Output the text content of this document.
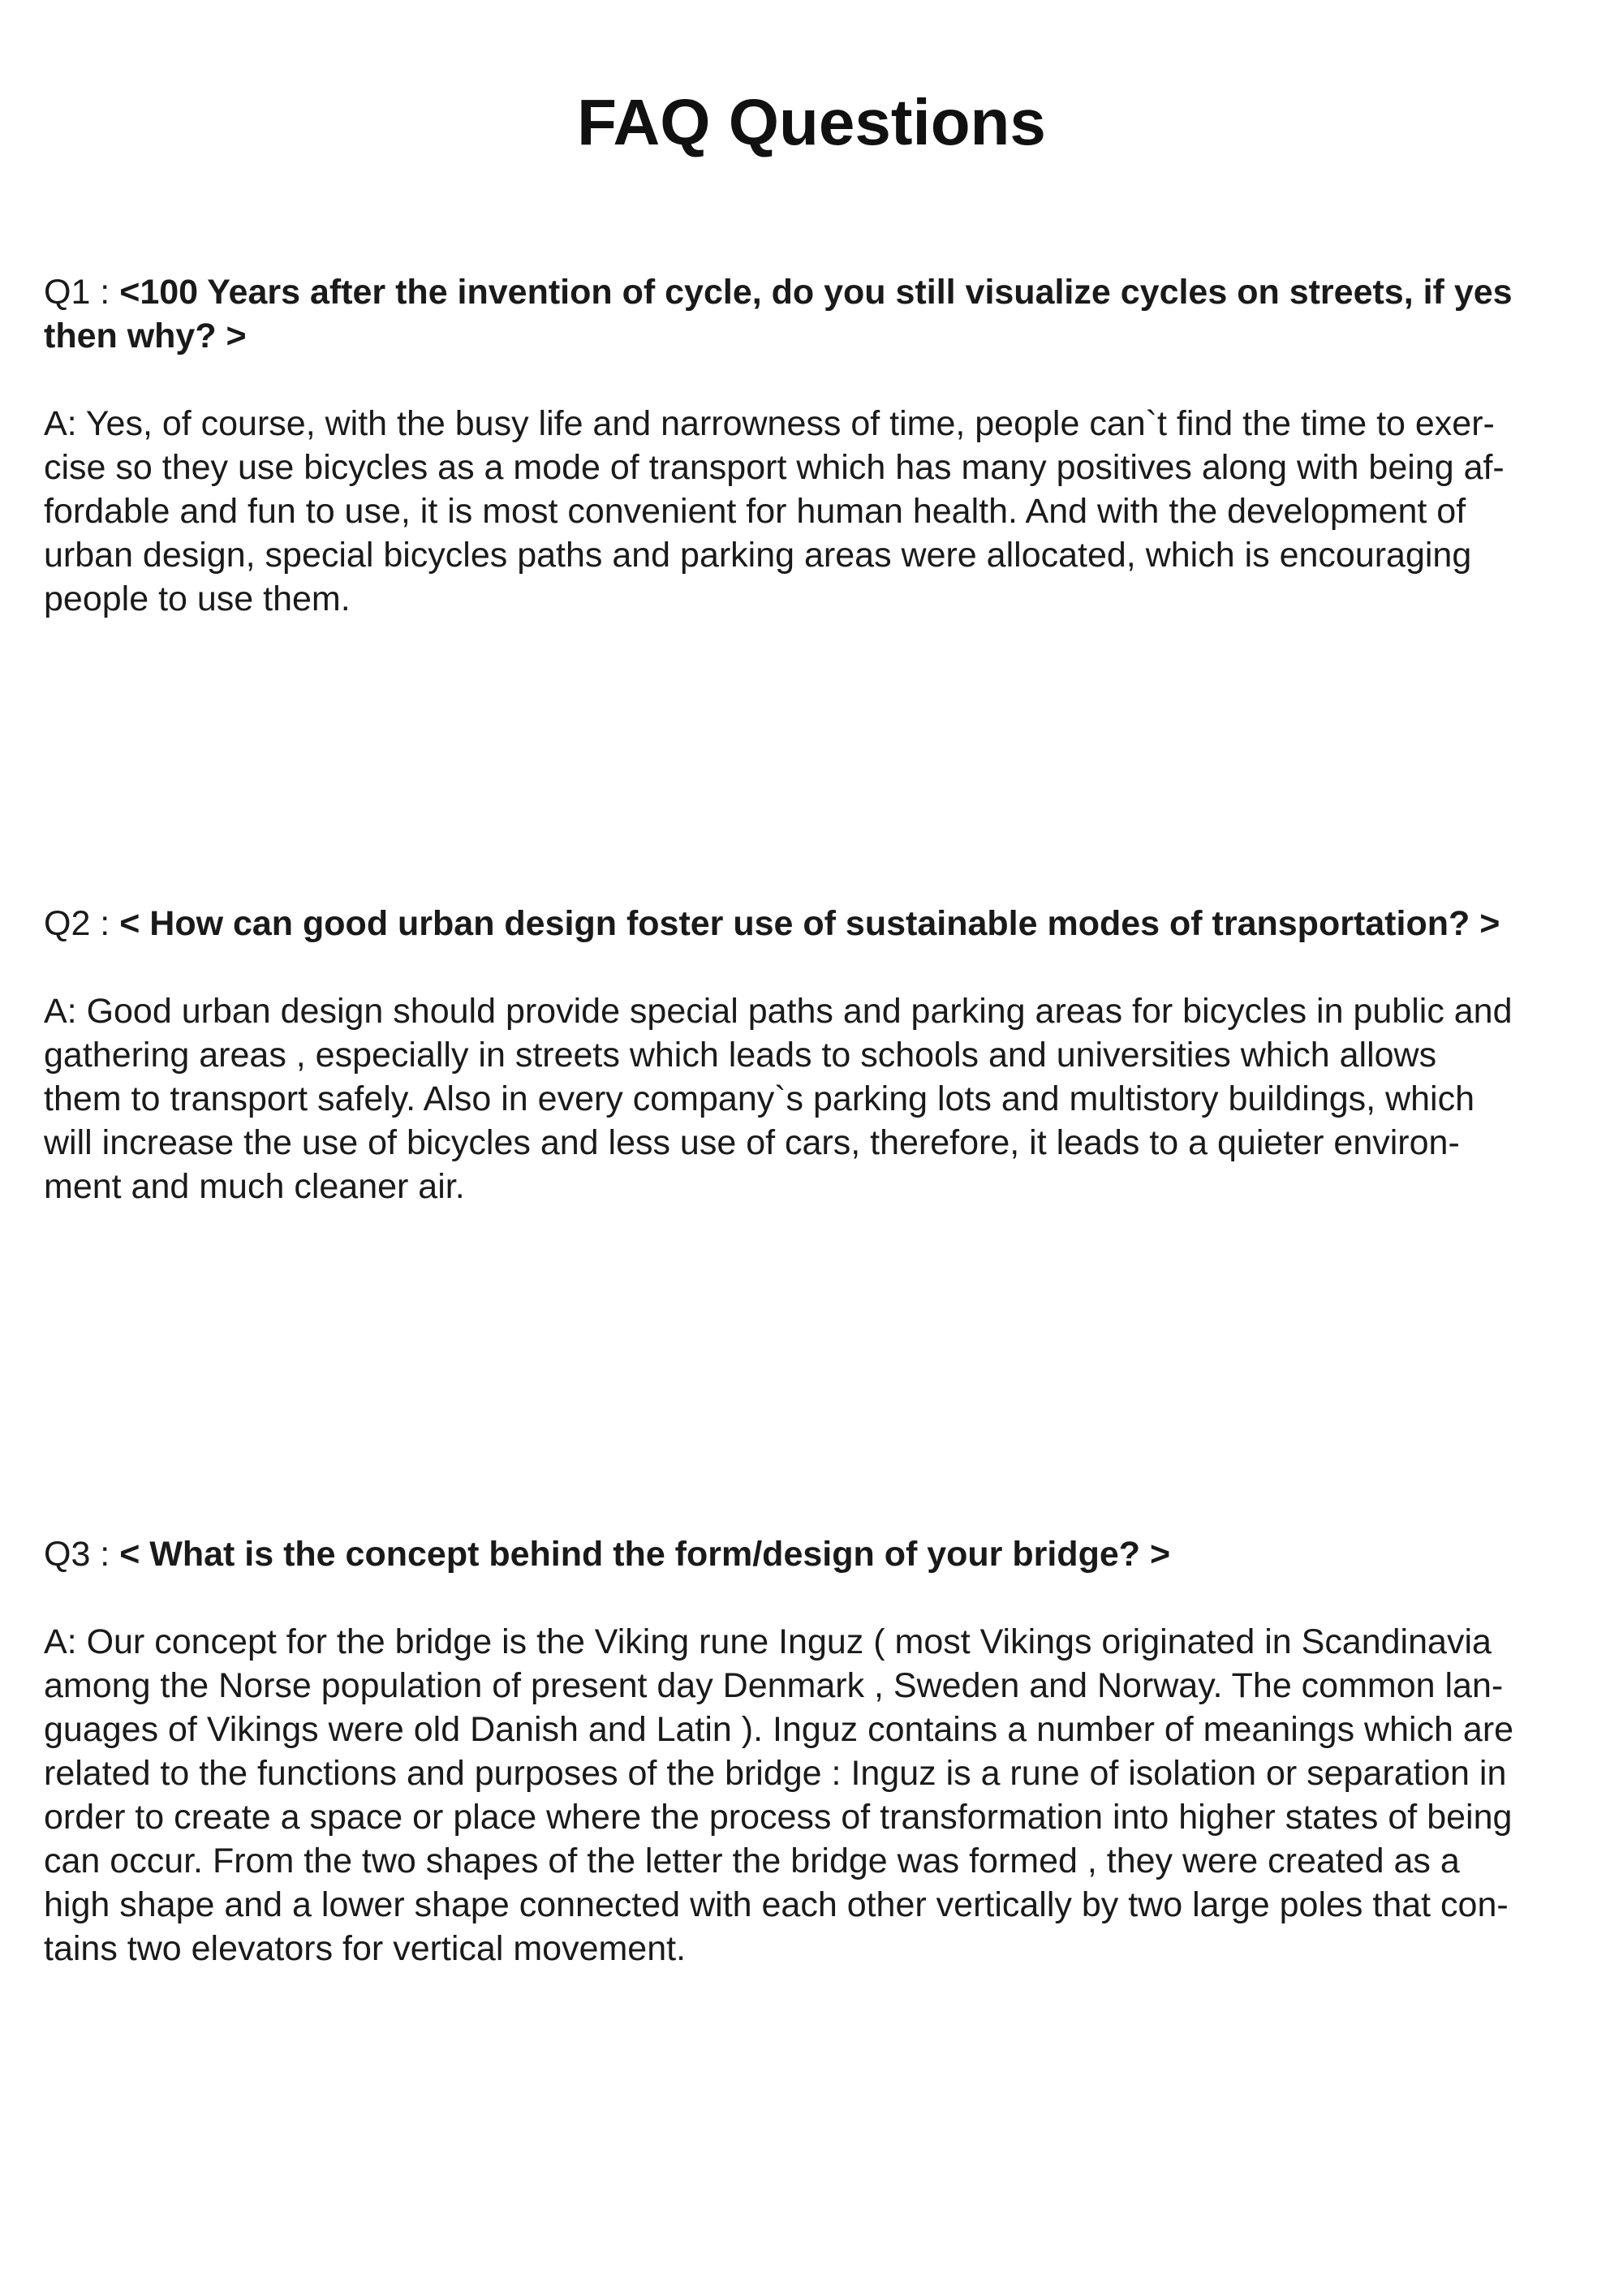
FAQ Questions

Q1 : <100 Years after the invention of cycle, do you still visualize cycles on streets, if yes then why? >

A: Yes, of course, with the busy life and narrowness of time, people can`t find the time to exer-
cise so they use bicycles as a mode of transport which has many positives along with being af-
fordable and fun to use, it is most convenient for human health. And with the development of
urban design, special bicycles paths and parking areas were allocated, which is encouraging
people to use them.

Q2 : < How can good urban design foster use of sustainable modes of transportation? >

A: Good urban design should provide special paths and parking areas for bicycles in public and
gathering areas , especially in streets which leads to schools and universities which allows
them to transport safely. Also in every company`s parking lots and multistory buildings, which
will increase the use of bicycles and less use of cars, therefore, it leads to a quieter environ-
ment and much cleaner air.

Q3 : < What is the concept behind the form/design of your bridge? >

A: Our concept for the bridge is the Viking rune Inguz ( most Vikings originated in Scandinavia
among the Norse population of present day Denmark , Sweden and Norway. The common lan-
guages of Vikings were old Danish and Latin ). Inguz contains a number of meanings which are
related to the functions and purposes of the bridge : Inguz is a rune of isolation or separation in
order to create a space or place where the process of transformation into higher states of being
can occur. From the two shapes of the letter the bridge was formed , they were created as a
high shape and a lower shape connected with each other vertically by two large poles that con-
tains two elevators for vertical movement.
